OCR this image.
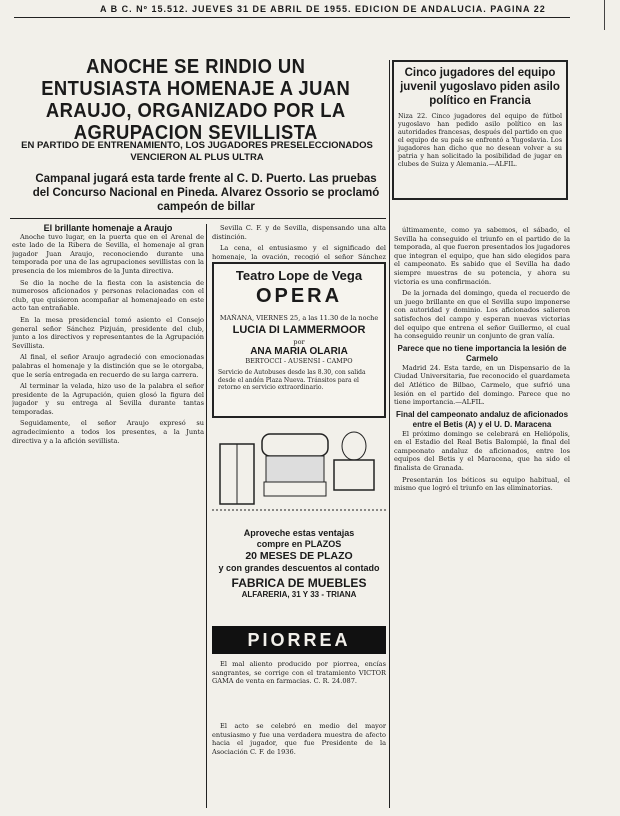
A B C. Nº 15.512. JUEVES 31 DE ABRIL DE 1955. EDICION DE ANDALUCIA. PAGINA 22
ANOCHE SE RINDIO UN ENTUSIASTA HOMENAJE A JUAN ARAUJO, ORGANIZADO POR LA AGRUPACION SEVILLISTA
EN PARTIDO DE ENTRENAMIENTO, LOS JUGADORES PRESELECCIONADOS VENCIERON AL PLUS ULTRA
Campanal jugará esta tarde frente al C. D. Puerto. Las pruebas del Concurso Nacional en Pineda. Alvarez Ossorio se proclamó campeón de billar
Cinco jugadores del equipo juvenil yugoslavo piden asilo político en Francia

Niza 22. Cinco jugadores del equipo de fútbol yugoslavo han pedido asilo político en las autoridades francesas, después del partido en que el equipo de su país se enfrentó a Yugoslavia. Los jugadores han dicho que no desean volver a su patria y han solicitado la posibilidad de jugar en clubes de Suiza y Alemania.—ALFIL.

El brillante homenaje a Araujo

Anoche tuvo lugar, en la puerta que en el Arenal de este lado de la Ribera de Sevilla, el homenaje al gran jugador Juan Araujo, reconociendo durante una temporada por una de las agrupaciones sevillistas con la presencia de los miembros de la Junta directiva.

Se dio la noche de la fiesta con la asistencia de numerosos aficionados y personas relacionadas con el club, que quisieron acompañar al homenajeado en este acto tan entrañable.

En la mesa presidencial tomó asiento el Consejo general señor Sánchez Pizjuán, presidente del club, junto a los directivos y representantes de la Agrupación Sevillista.

Al final, el señor Araujo agradeció con emocionadas palabras el homenaje y la distinción que se le otorgaba, que le sería entregada en recuerdo de su larga carrera.

Al terminar la velada, hizo uso de la palabra el señor presidente de la Agrupación, quien glosó la figura del jugador y su entrega al Sevilla durante tantas temporadas.

Seguidamente, el señor Araujo expresó su agradecimiento a todos los presentes, a la Junta directiva y a la afición sevillista.

Sevilla C. F. y de Sevilla, dispensando una alta distinción.

La cena, el entusiasmo y el significado del homenaje, la ovación, recogió el señor Sánchez

Teatro Lope de Vega
OPERA
MAÑANA, VIERNES 25, a las 11.30 de la noche
LUCIA DI LAMMERMOOR
por
ANA MARIA OLARIA
BERTOCCI - AUSENSI - CAMPO
Servicio de Autobuses desde las 8.30, con salida desde el andén Plaza Nueva. Tránsitos para el retorno en servicio extraordinario.
Aproveche estas ventajas
compre en PLAZOS
20 MESES DE PLAZO
y con grandes descuentos al contado
FABRICA DE MUEBLES
ALFARERIA, 31 Y 33 - TRIANA
PIORREA

El mal aliento producido por piorrea, encías sangrantes, se corrige con el tratamiento VICTOR GAMA de venta en farmacias. C. R. 24.087.

El acto se celebró en medio del mayor entusiasmo y fue una verdadera muestra de afecto hacia el jugador, que fue Presidente de la Asociación C. F. de 1936.

últimamente, como ya sabemos, el sábado, el Sevilla ha conseguido el triunfo en el partido de la temporada, al que fueron presentados los jugadores que integran el equipo, que han sido elegidos para el campeonato. Es sabido que el Sevilla ha dado siempre muestras de su potencia, y ahora su victoria es una confirmación.

De la jornada del domingo, queda el recuerdo de un juego brillante en que el Sevilla supo imponerse con autoridad y dominio. Los aficionados salieron satisfechos del campo y esperan nuevas victorias del equipo que entrena el señor Guillermo, el cual ha conseguido reunir un conjunto de gran valía.

Parece que no tiene importancia la lesión de Carmelo

Madrid 24. Esta tarde, en un Dispensario de la Ciudad Universitaria, fue reconocido el guardameta del Atlético de Bilbao, Carmelo, que sufrió una lesión en el partido del domingo. Parece que no tiene importancia.—ALFIL.

Final del campeonato andaluz de aficionados entre el Betis (A) y el U. D. Maracena

El próximo domingo se celebrará en Heliópolis, en el Estadio del Real Betis Balompié, la final del campeonato andaluz de aficionados, entre los equipos del Betis y el Maracena, que ha sido el finalista de Granada.

Presentarán los béticos su equipo habitual, el mismo que logró el triunfo en las eliminatorias.
